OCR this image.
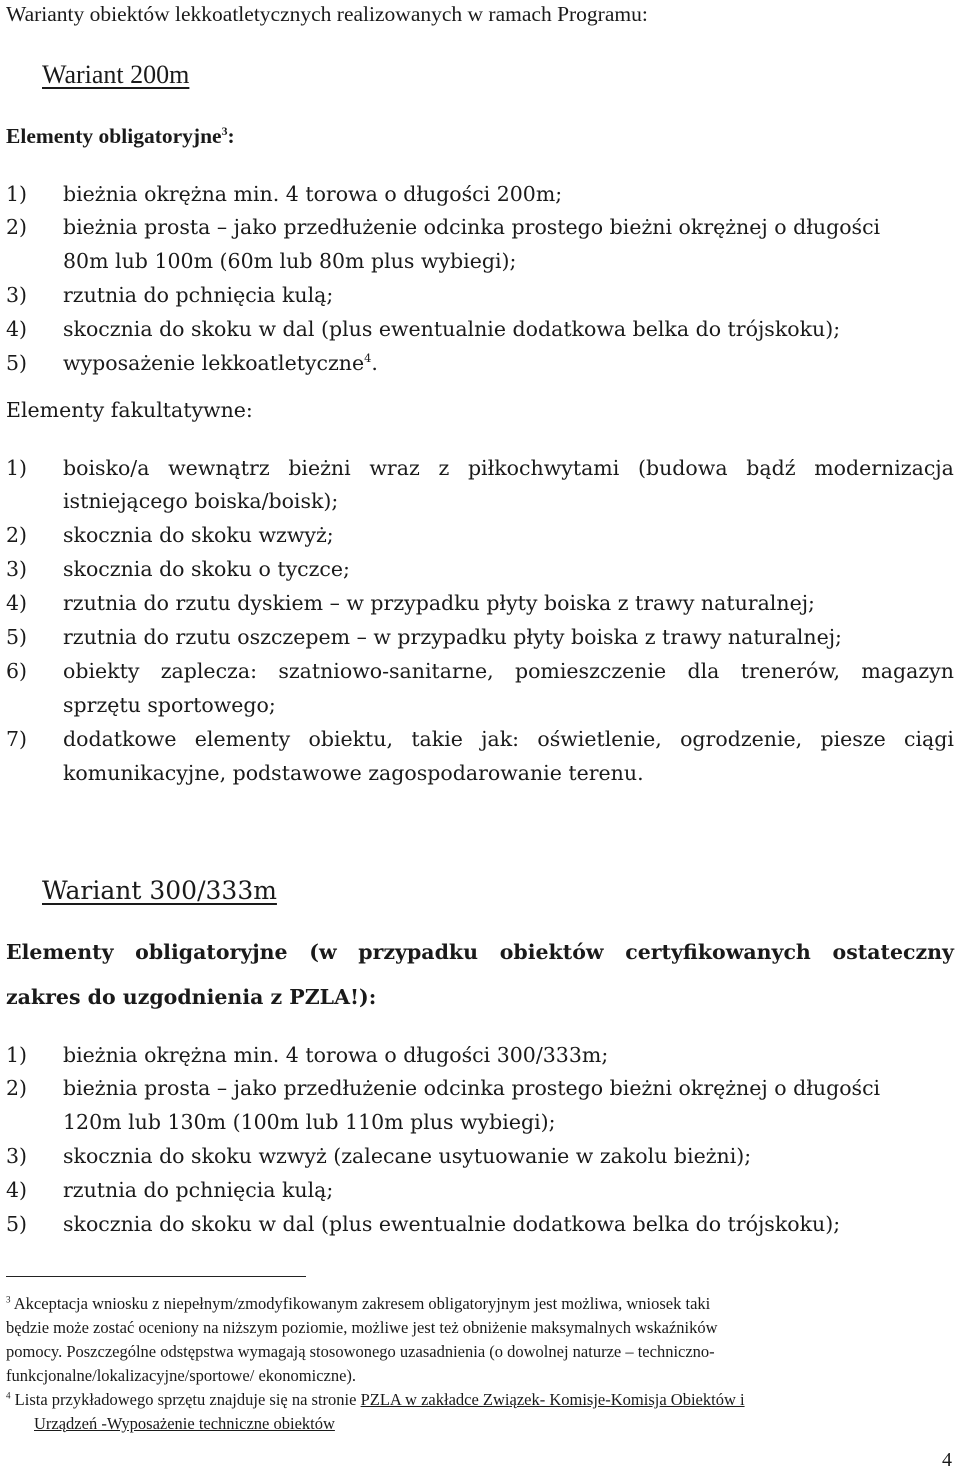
Warianty obiektów lekkoatletycznych realizowanych w ramach Programu:
Wariant 200m
Elementy obligatoryjne$^3$:
1)	bieżnia okrężna min. 4 torowa o długości 200m;
2)	bieżnia prosta – jako przedłużenie odcinka prostego bieżni okrężnej o długości
80m lub 100m (60m lub 80m plus wybiegi);
3)	rzutnia do pchnięcia kulą;
4)	skocznia do skoku w dal (plus ewentualnie dodatkowa belka do trójskoku);
5)	wyposażenie lekkoatletyczne$^4$.
Elementy fakultatywne:
1)	boisko/a wewnątrz bieżni wraz z piłkochwytami (budowa bądź modernizacja
istniejącego boiska/boisk);
2)	skocznia do skoku wzwyż;
3)	skocznia do skoku o tyczce;
4)	rzutnia do rzutu dyskiem – w przypadku płyty boiska z trawy naturalnej;
5)	rzutnia do rzutu oszczepem – w przypadku płyty boiska z trawy naturalnej;
6)	obiekty zaplecza: szatniowo-sanitarne, pomieszczenie dla trenerów, magazyn
sprzętu sportowego;
7)	dodatkowe elementy obiektu, takie jak: oświetlenie, ogrodzenie, piesze ciągi
komunikacyjne, podstawowe zagospodarowanie terenu.
Wariant 300/333m
Elementy obligatoryjne (w przypadku obiektów certyfikowanych ostateczny
zakres do uzgodnienia z PZLA!):
1)	bieżnia okrężna min. 4 torowa o długości 300/333m;
2)	bieżnia prosta – jako przedłużenie odcinka prostego bieżni okrężnej o długości
120m lub 130m (100m lub 110m plus wybiegi);
3)	skocznia do skoku wzwyż (zalecane usytuowanie w zakolu bieżni);
4)	rzutnia do pchnięcia kulą;
5)	skocznia do skoku w dal (plus ewentualnie dodatkowa belka do trójskoku);
$^3$ Akceptacja wniosku z niepełnym/zmodyfikowanym zakresem obligatoryjnym jest możliwa, wniosek taki
będzie może zostać oceniony na niższym poziomie, możliwe jest też obniżenie maksymalnych wskaźników
pomocy. Poszczególne odstępstwa wymagają stosowonego uzasadnienia (o dowolnej naturze – techniczno-
funkcjonalne/lokalizacyjne/sportowe/ ekonomiczne).
$^4$ Lista przykładowego sprzętu znajduje się na stronie PZLA w zakładce Związek- Komisje-Komisja Obiektów i
Urządzeń -Wyposażenie techniczne obiektów
4
